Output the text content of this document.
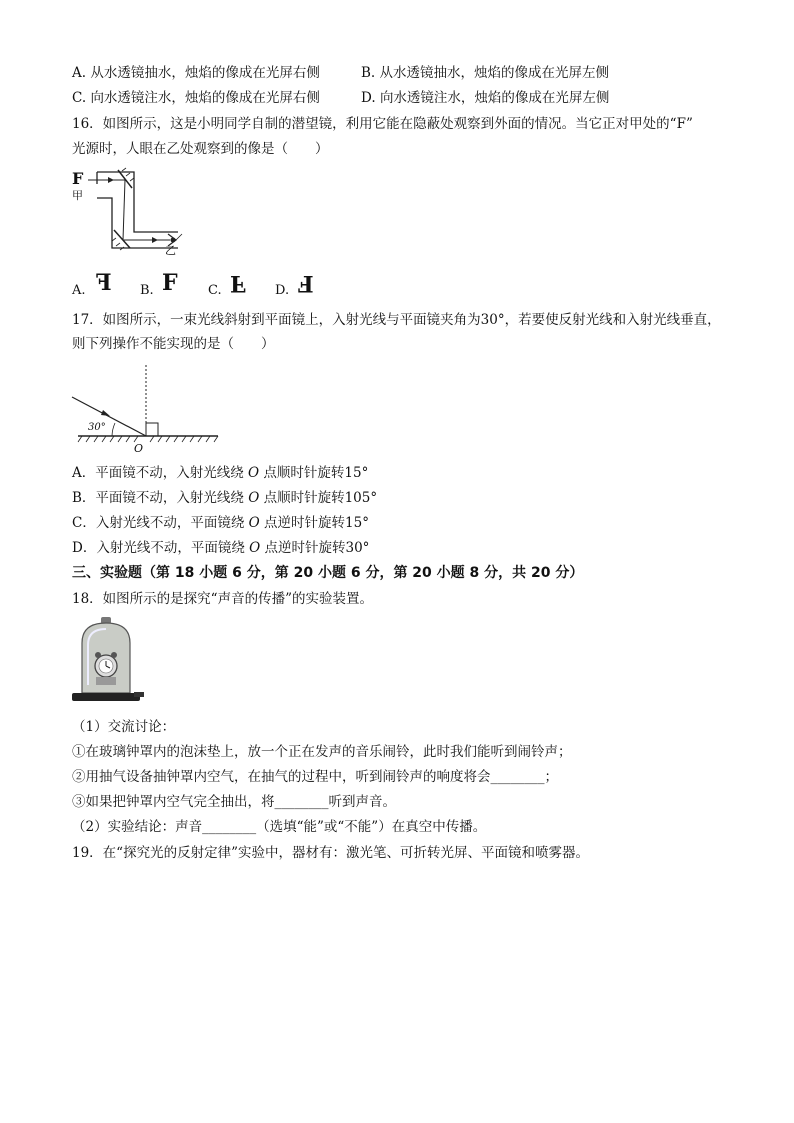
A. 从水透镜抽水，烛焰的像成在光屏右侧	B. 从水透镜抽水，烛焰的像成在光屏左侧
C. 向水透镜注水，烛焰的像成在光屏右侧	D. 向水透镜注水，烛焰的像成在光屏左侧
16．如图所示，这是小明同学自制的潜望镜，利用它能在隐蔽处观察到外面的情况。当它正对甲处的“F”
光源时，人眼在乙处观察到的像是（　　）
F
甲
乙
A. F B. F C. F D. F
17．如图所示，一束光线斜射到平面镜上，入射光线与平面镜夹角为30°，若要使反射光线和入射光线垂直，
则下列操作不能实现的是（　　）
30°
O
A．平面镜不动，入射光线绕 O 点顺时针旋转15°
B．平面镜不动，入射光线绕 O 点顺时针旋转105°
C．入射光线不动，平面镜绕 O 点逆时针旋转15°
D．入射光线不动，平面镜绕 O 点逆时针旋转30°
三、实验题（第 18 小题 6 分，第 20 小题 6 分，第 20 小题 8 分，共 20 分）
18．如图所示的是探究“声音的传播”的实验装置。
（1）交流讨论：
①在玻璃钟罩内的泡沫垫上，放一个正在发声的音乐闹铃，此时我们能听到闹铃声；
②用抽气设备抽钟罩内空气，在抽气的过程中，听到闹铃声的响度将会________；
③如果把钟罩内空气完全抽出，将________听到声音。
（2）实验结论：声音________（选填“能”或“不能”）在真空中传播。
19．在“探究光的反射定律”实验中，器材有：激光笔、可折转光屏、平面镜和喷雾器。
